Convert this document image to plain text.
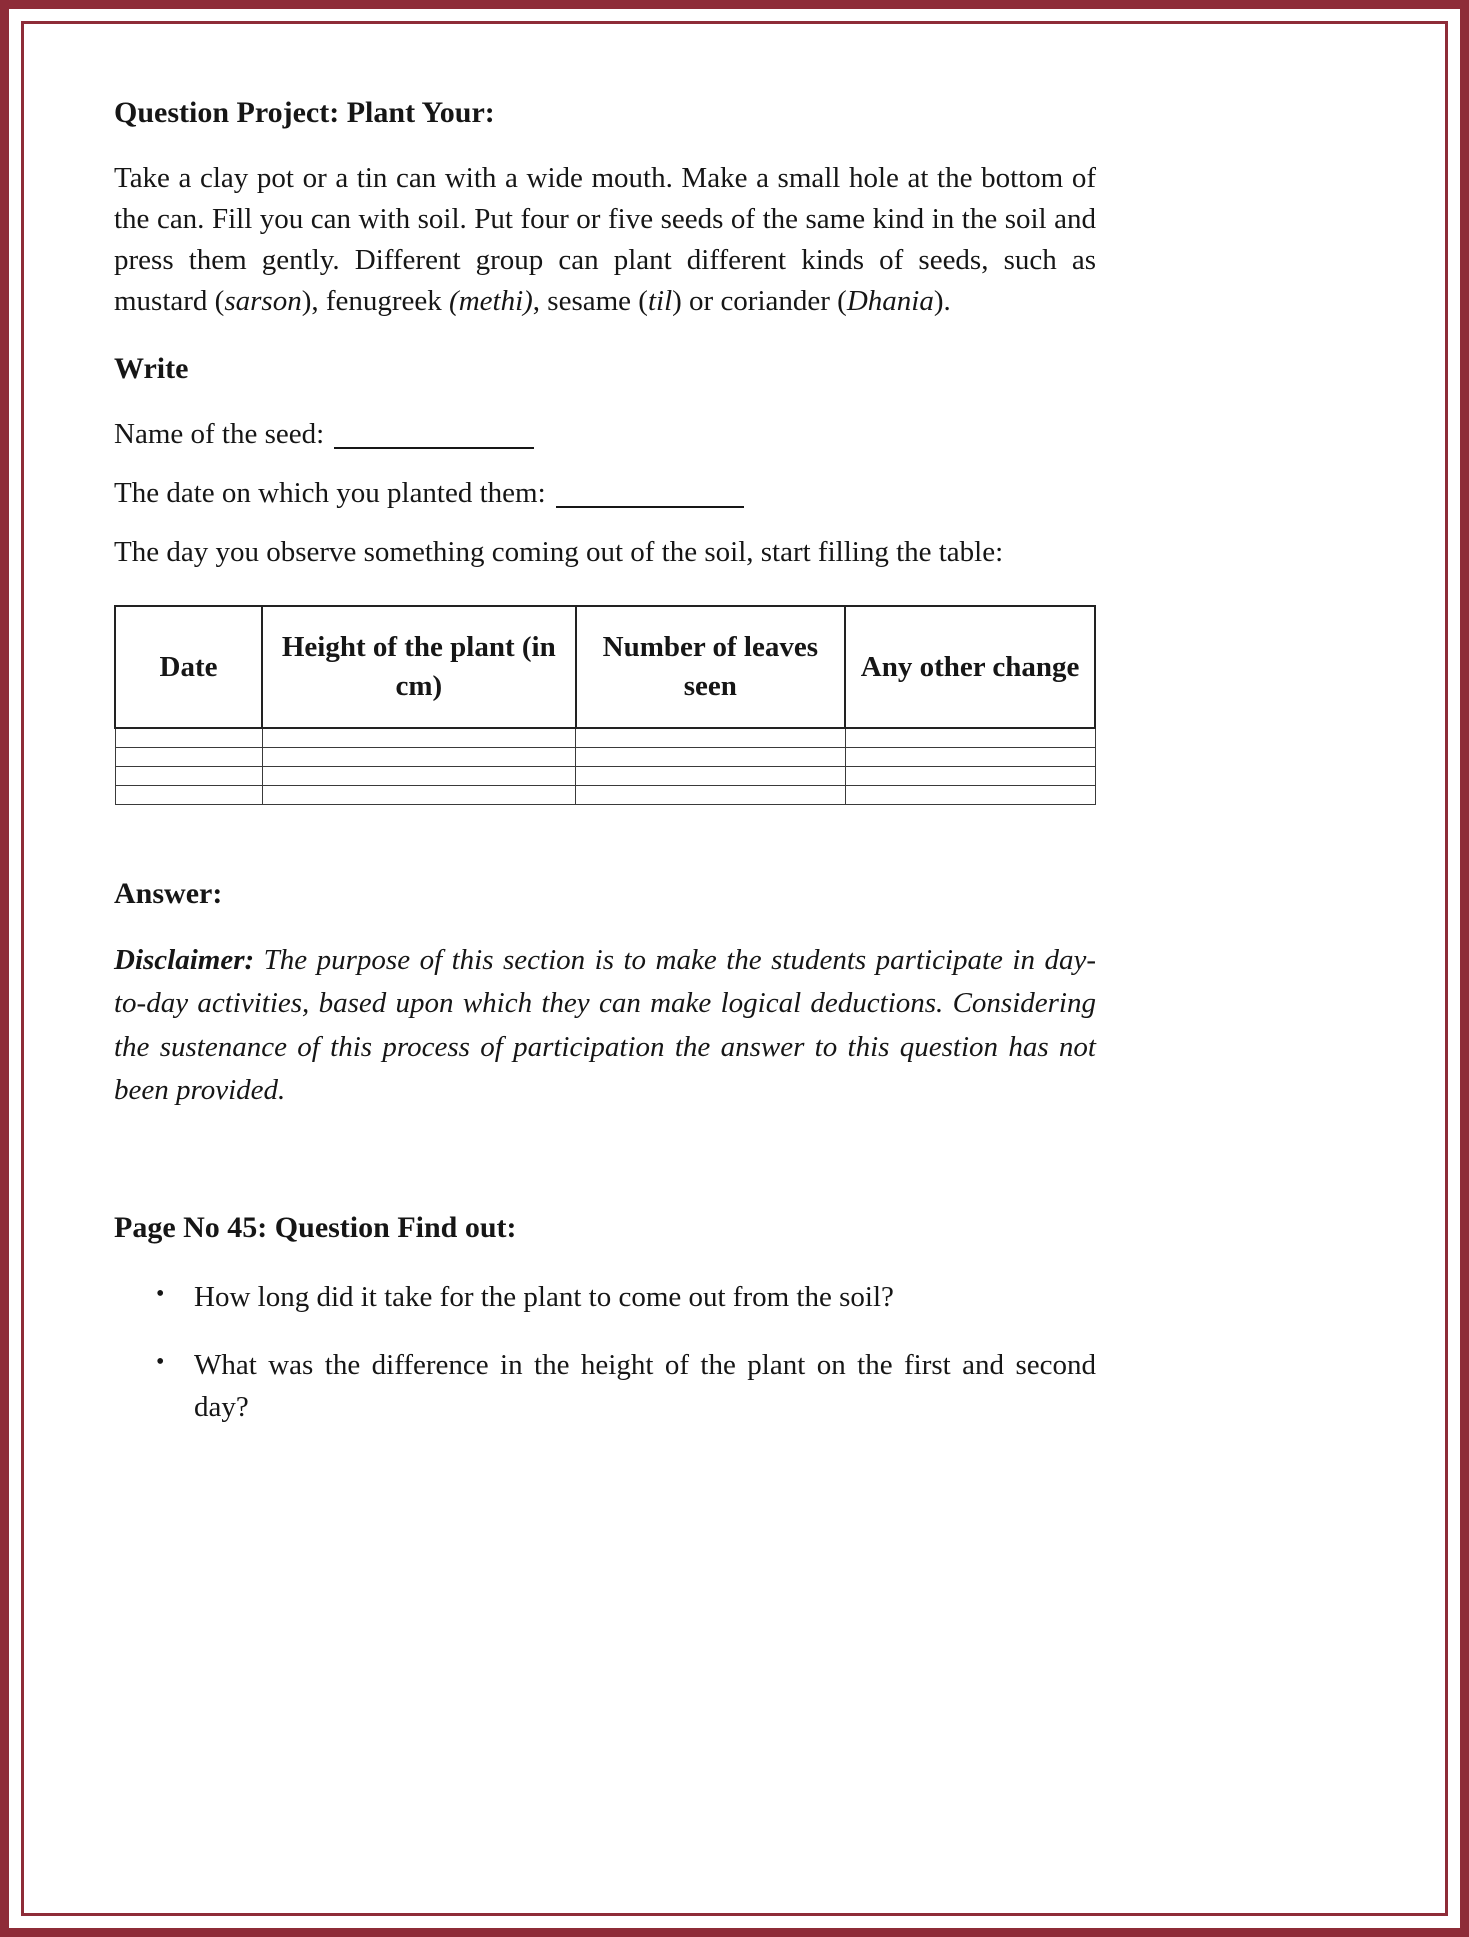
Question Project: Plant Your:

Take a clay pot or a tin can with a wide mouth. Make a small hole at the bottom of the can. Fill you can with soil. Put four or five seeds of the same kind in the soil and press them gently. Different group can plant different kinds of seeds, such as mustard (sarson), fenugreek (methi), sesame (til) or coriander (Dhania).

Write

Name of the seed:

The date on which you planted them:

The day you observe something coming out of the soil, start filling the table:

Date	Height of the plant (in cm)	Number of leaves seen	Any other change

Answer:

Disclaimer: The purpose of this section is to make the students participate in day-to-day activities, based upon which they can make logical deductions. Considering the sustenance of this process of participation the answer to this question has not been provided.

Page No 45: Question Find out:
• How long did it take for the plant to come out from the soil?
• What was the difference in the height of the plant on the first and second day?
